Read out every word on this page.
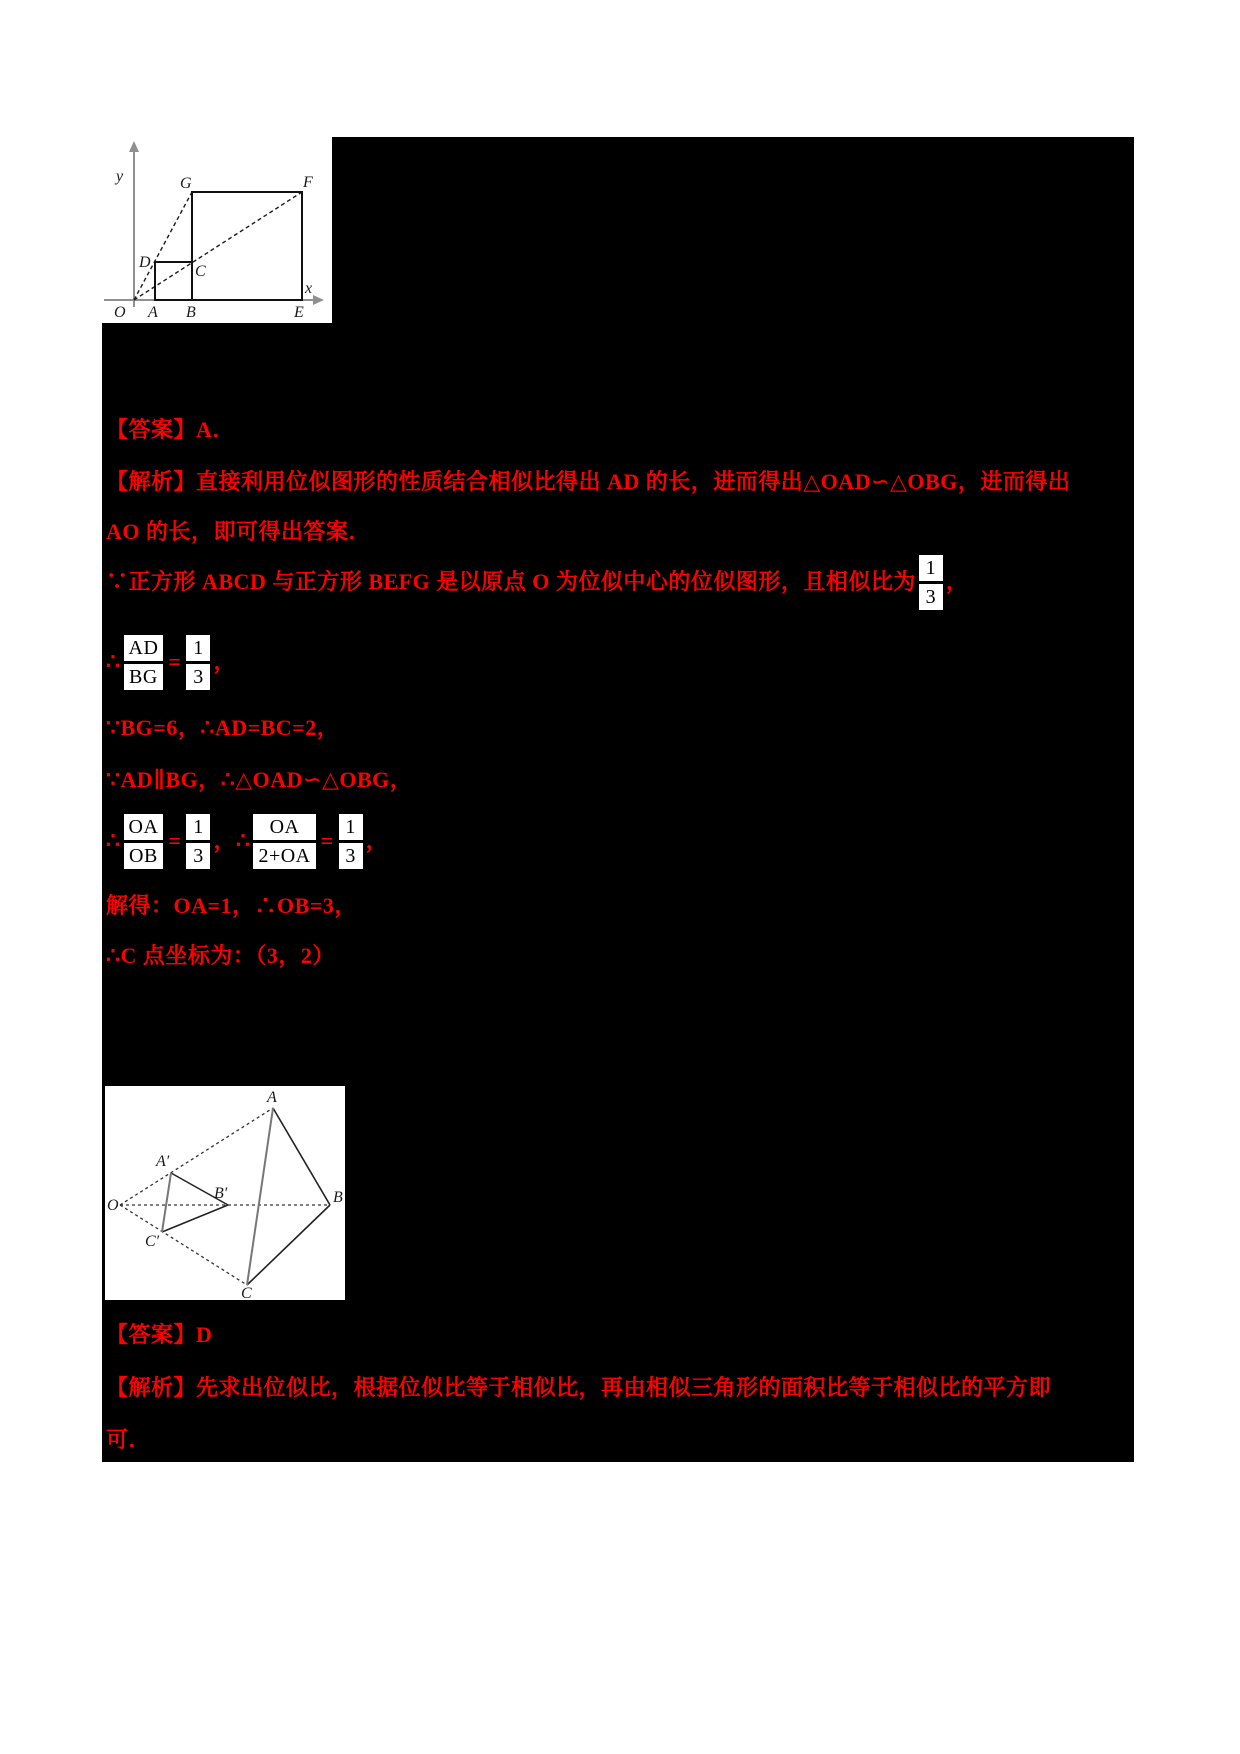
y
x
O A B	E
D
C
G	F
【答案】A．
【解析】直接利用位似图形的性质结合相似比得出 AD 的长，进而得出△OAD∽△OBG，进而得出
AO 的长，即可得出答案．
∵正方形 ABCD 与正方形 BEFG 是以原点 O 为位似中心的位似图形，且相似比为
1
3
，
∴
AD
BG
=
1
3
，
∵BG=6，∴AD=BC=2，
∵AD∥BG，∴△OAD∽△OBG，
∴
OA
OB
=
1
3
， ∴
OA
2+OA
=
1
3
，
解得：OA=1，∴OB=3，
∴C 点坐标为：（3，2）
O
A
B
C
A′
B′
C′
【答案】D
【解析】先求出位似比，根据位似比等于相似比，再由相似三角形的面积比等于相似比的平方即
可．
